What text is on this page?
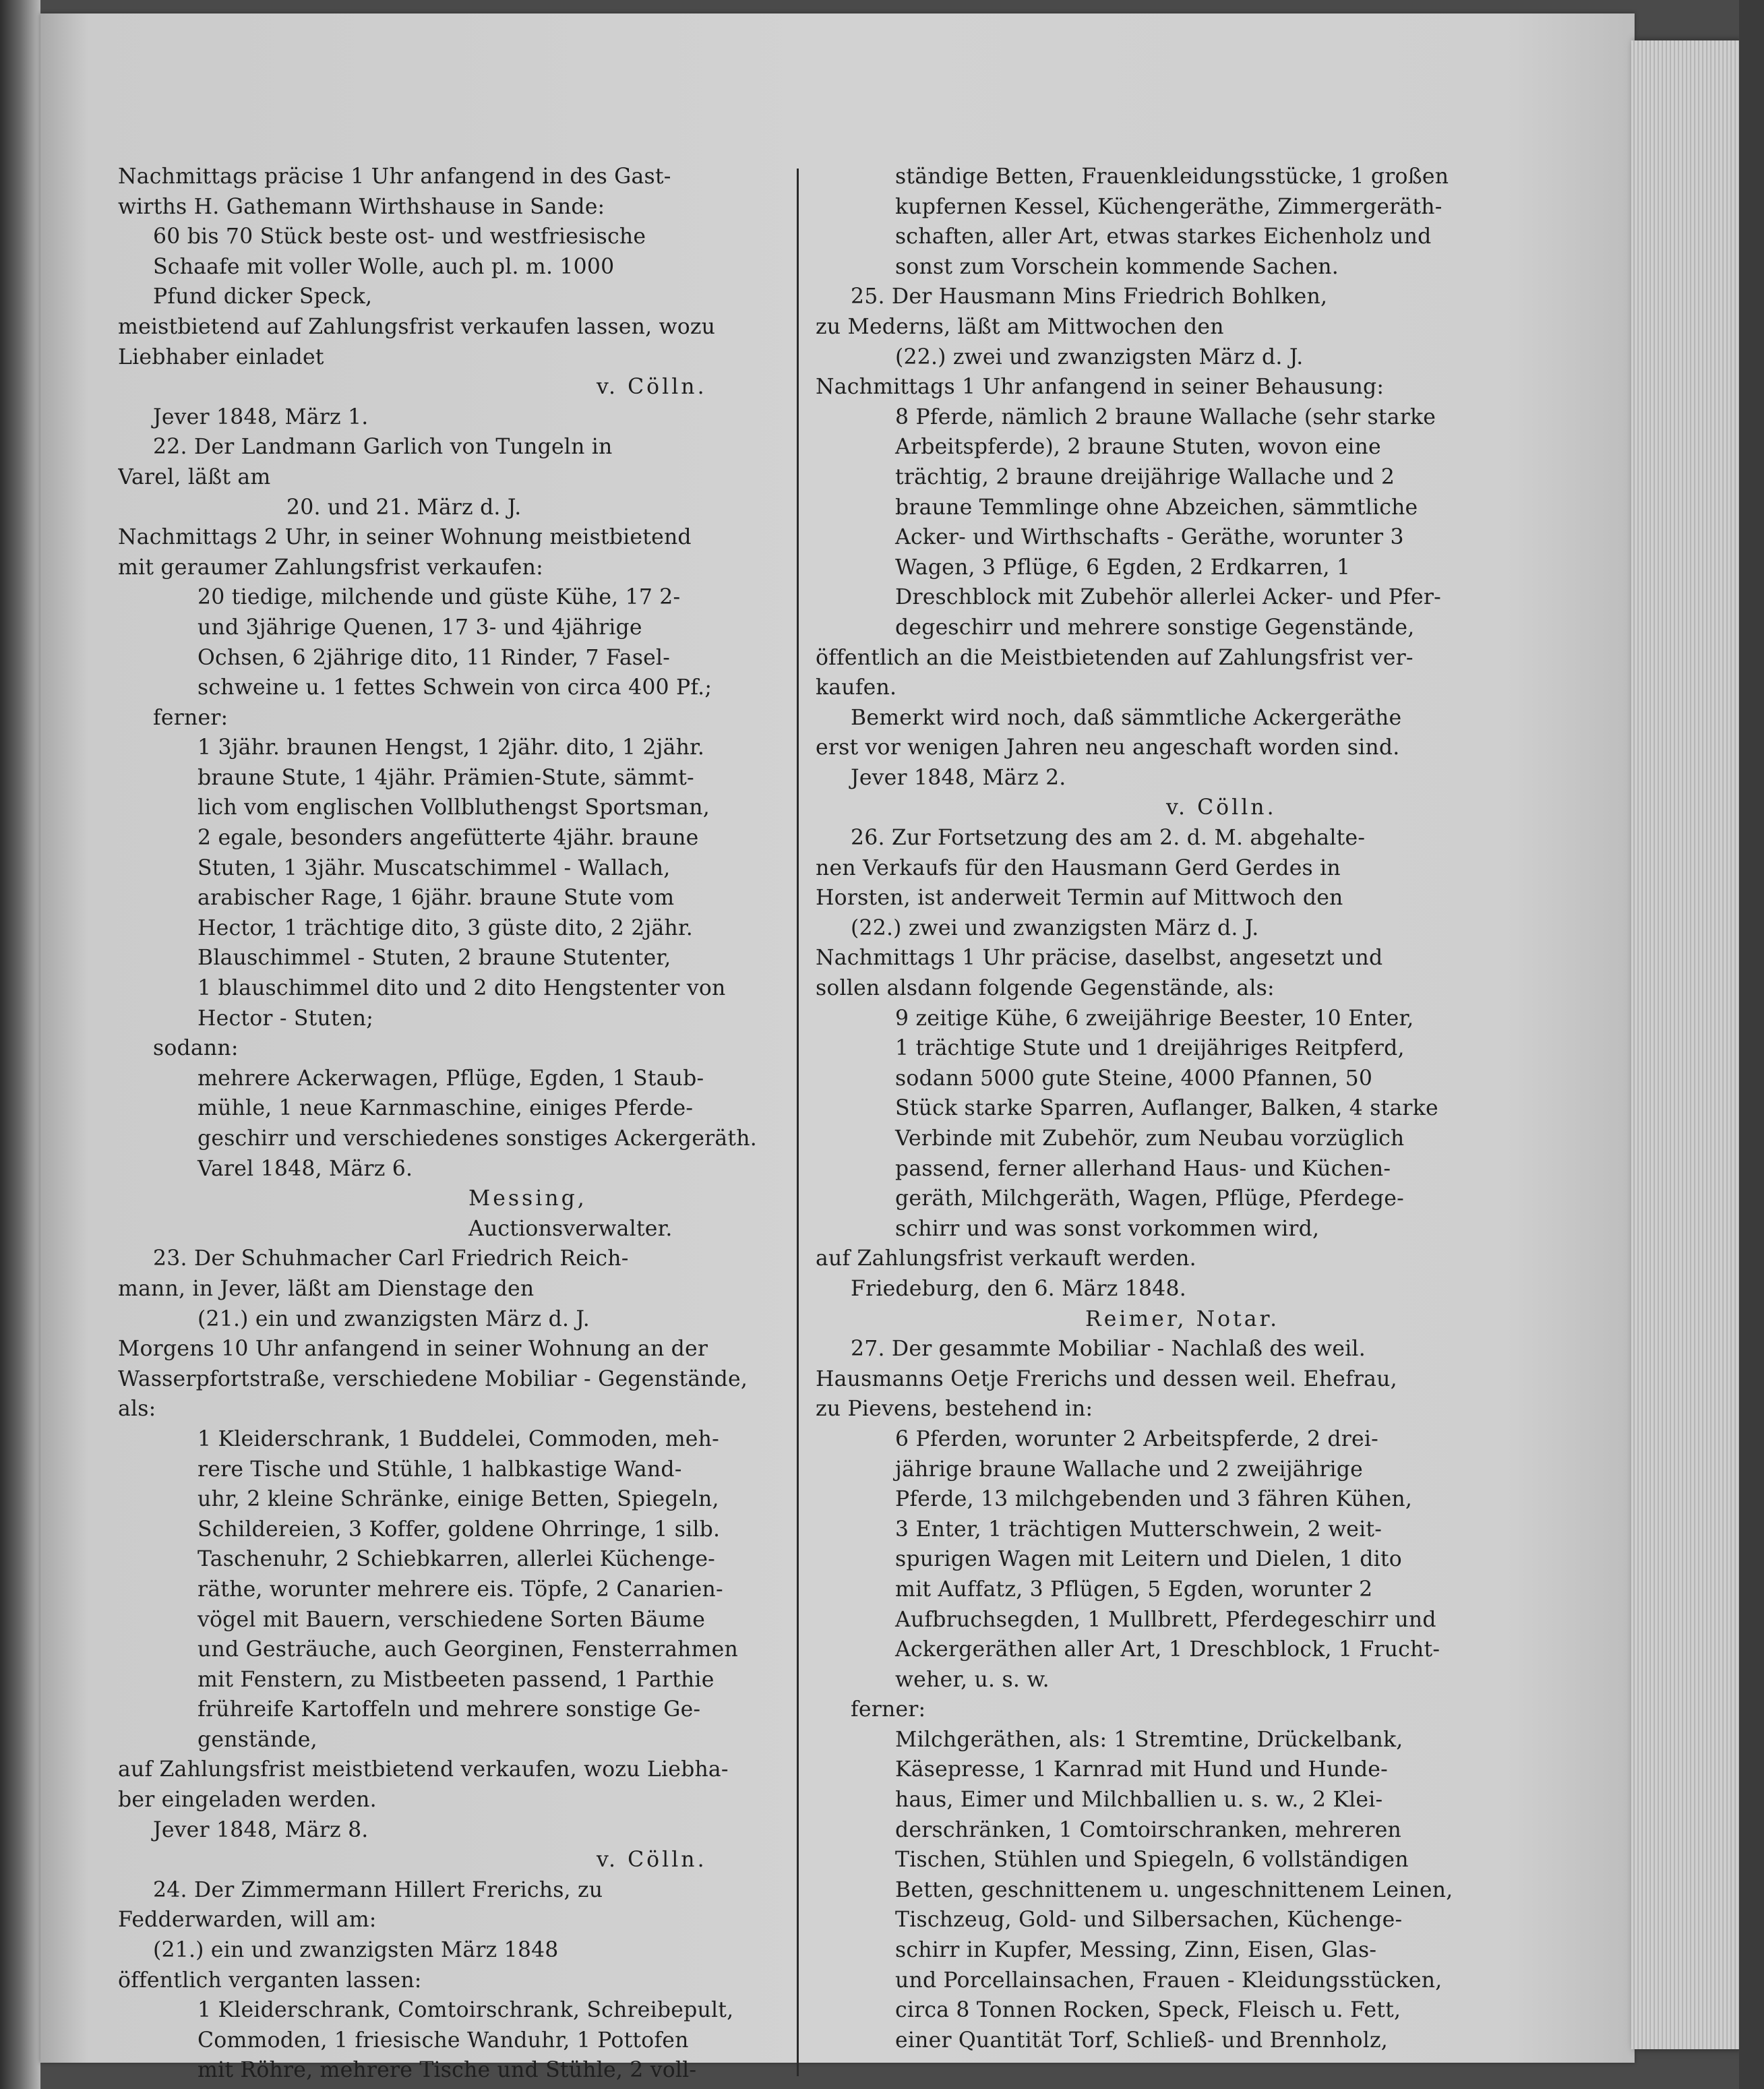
Nachmittags präcise 1 Uhr anfangend in des Gast-

wirths H. Gathemann Wirthshause in Sande:

60 bis 70 Stück beste ost- und westfriesische

Schaafe mit voller Wolle, auch pl. m. 1000

Pfund dicker Speck,

meistbietend auf Zahlungsfrist verkaufen lassen, wozu

Liebhaber einladet

v. Cölln.

Jever 1848, März 1.

22. Der Landmann Garlich von Tungeln in

Varel, läßt am

20. und 21. März d. J.

Nachmittags 2 Uhr, in seiner Wohnung meistbietend

mit geraumer Zahlungsfrist verkaufen:

20 tiedige, milchende und güste Kühe, 17 2-

und 3jährige Quenen, 17 3- und 4jährige

Ochsen, 6 2jährige dito, 11 Rinder, 7 Fasel-

schweine u. 1 fettes Schwein von circa 400 Pf.;

ferner:

1 3jähr. braunen Hengst, 1 2jähr. dito, 1 2jähr.

braune Stute, 1 4jähr. Prämien-Stute, sämmt-

lich vom englischen Vollbluthengst Sportsman,

2 egale, besonders angefütterte 4jähr. braune

Stuten, 1 3jähr. Muscatschimmel - Wallach,

arabischer Rage, 1 6jähr. braune Stute vom

Hector, 1 trächtige dito, 3 güste dito, 2 2jähr.

Blauschimmel - Stuten, 2 braune Stutenter,

1 blauschimmel dito und 2 dito Hengstenter von

Hector - Stuten;

sodann:

mehrere Ackerwagen, Pflüge, Egden, 1 Staub-

mühle, 1 neue Karnmaschine, einiges Pferde-

geschirr und verschiedenes sonstiges Ackergeräth.

Varel 1848, März 6.

Messing,

Auctionsverwalter.

23. Der Schuhmacher Carl Friedrich Reich-

mann, in Jever, läßt am Dienstage den

(21.) ein und zwanzigsten März d. J.

Morgens 10 Uhr anfangend in seiner Wohnung an der

Wasserpfortstraße, verschiedene Mobiliar - Gegenstände,

als:

1 Kleiderschrank, 1 Buddelei, Commoden, meh-

rere Tische und Stühle, 1 halbkastige Wand-

uhr, 2 kleine Schränke, einige Betten, Spiegeln,

Schildereien, 3 Koffer, goldene Ohrringe, 1 silb.

Taschenuhr, 2 Schiebkarren, allerlei Küchenge-

räthe, worunter mehrere eis. Töpfe, 2 Canarien-

vögel mit Bauern, verschiedene Sorten Bäume

und Gesträuche, auch Georginen, Fensterrahmen

mit Fenstern, zu Mistbeeten passend, 1 Parthie

frühreife Kartoffeln und mehrere sonstige Ge-

genstände,

auf Zahlungsfrist meistbietend verkaufen, wozu Liebha-

ber eingeladen werden.

Jever 1848, März 8.

v. Cölln.

24. Der Zimmermann Hillert Frerichs, zu

Fedderwarden, will am:

(21.) ein und zwanzigsten März 1848

öffentlich verganten lassen:

1 Kleiderschrank, Comtoirschrank, Schreibepult,

Commoden, 1 friesische Wanduhr, 1 Pottofen

mit Röhre, mehrere Tische und Stühle, 2 voll-

ständige Betten, Frauenkleidungsstücke, 1 großen

kupfernen Kessel, Küchengeräthe, Zimmergeräth-

schaften, aller Art, etwas starkes Eichenholz und

sonst zum Vorschein kommende Sachen.

25. Der Hausmann Mins Friedrich Bohlken,

zu Mederns, läßt am Mittwochen den

(22.) zwei und zwanzigsten März d. J.

Nachmittags 1 Uhr anfangend in seiner Behausung:

8 Pferde, nämlich 2 braune Wallache (sehr starke

Arbeitspferde), 2 braune Stuten, wovon eine

trächtig, 2 braune dreijährige Wallache und 2

braune Temmlinge ohne Abzeichen, sämmtliche

Acker- und Wirthschafts - Geräthe, worunter 3

Wagen, 3 Pflüge, 6 Egden, 2 Erdkarren, 1

Dreschblock mit Zubehör allerlei Acker- und Pfer-

degeschirr und mehrere sonstige Gegenstände,

öffentlich an die Meistbietenden auf Zahlungsfrist ver-

kaufen.

Bemerkt wird noch, daß sämmtliche Ackergeräthe

erst vor wenigen Jahren neu angeschaft worden sind.

Jever 1848, März 2.

v. Cölln.

26. Zur Fortsetzung des am 2. d. M. abgehalte-

nen Verkaufs für den Hausmann Gerd Gerdes in

Horsten, ist anderweit Termin auf Mittwoch den

(22.) zwei und zwanzigsten März d. J.

Nachmittags 1 Uhr präcise, daselbst, angesetzt und

sollen alsdann folgende Gegenstände, als:

9 zeitige Kühe, 6 zweijährige Beester, 10 Enter,

1 trächtige Stute und 1 dreijähriges Reitpferd,

sodann 5000 gute Steine, 4000 Pfannen, 50

Stück starke Sparren, Auflanger, Balken, 4 starke

Verbinde mit Zubehör, zum Neubau vorzüglich

passend, ferner allerhand Haus- und Küchen-

geräth, Milchgeräth, Wagen, Pflüge, Pferdege-

schirr und was sonst vorkommen wird,

auf Zahlungsfrist verkauft werden.

Friedeburg, den 6. März 1848.

Reimer, Notar.

27. Der gesammte Mobiliar - Nachlaß des weil.

Hausmanns Oetje Frerichs und dessen weil. Ehefrau,

zu Pievens, bestehend in:

6 Pferden, worunter 2 Arbeitspferde, 2 drei-

jährige braune Wallache und 2 zweijährige

Pferde, 13 milchgebenden und 3 fähren Kühen,

3 Enter, 1 trächtigen Mutterschwein, 2 weit-

spurigen Wagen mit Leitern und Dielen, 1 dito

mit Auffatz, 3 Pflügen, 5 Egden, worunter 2

Aufbruchsegden, 1 Mullbrett, Pferdegeschirr und

Ackergeräthen aller Art, 1 Dreschblock, 1 Frucht-

weher, u. s. w.

ferner:

Milchgeräthen, als: 1 Stremtine, Drückelbank,

Käsepresse, 1 Karnrad mit Hund und Hunde-

haus, Eimer und Milchballien u. s. w., 2 Klei-

derschränken, 1 Comtoirschranken, mehreren

Tischen, Stühlen und Spiegeln, 6 vollständigen

Betten, geschnittenem u. ungeschnittenem Leinen,

Tischzeug, Gold- und Silbersachen, Küchenge-

schirr in Kupfer, Messing, Zinn, Eisen, Glas-

und Porcellainsachen, Frauen - Kleidungsstücken,

circa 8 Tonnen Rocken, Speck, Fleisch u. Fett,

einer Quantität Torf, Schließ- und Brennholz,
